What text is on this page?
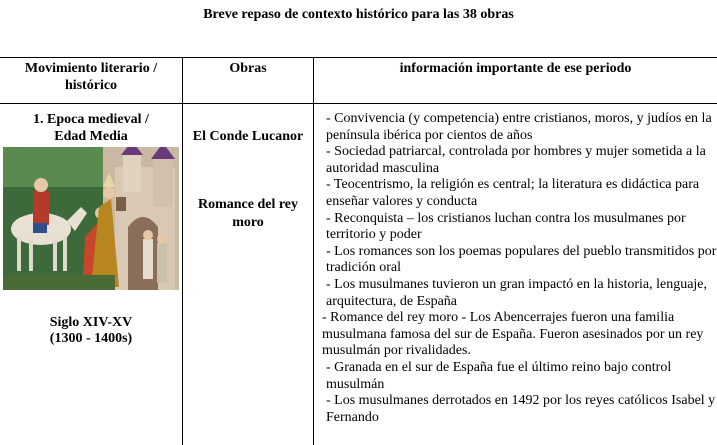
Breve repaso de contexto histórico para las 38 obras
Movimiento literario / histórico
Obras	información importante de ese periodo
1. Epoca medieval /
Edad Media
Siglo XIV-XV
(1300 - 1400s)
El Conde Lucanor
Romance del rey moro
- Convivencia (y competencia) entre cristianos, moros, y judíos en la península ibérica por cientos de años
- Sociedad patriarcal, controlada por hombres y mujer sometida a la autoridad masculina
- Teocentrismo, la religión es central; la literatura es didáctica para enseñar valores y conducta
- Reconquista – los cristianos luchan contra los musulmanes por territorio y poder
- Los romances son los poemas populares del pueblo transmitidos por tradición oral
- Los musulmanes tuvieron un gran impactó en la historia, lenguaje, arquitectura, de España
- Romance del rey moro - Los Abencerrajes fueron una familia musulmana famosa del sur de España. Fueron asesinados por un rey musulmán por rivalidades.
- Granada en el sur de España fue el último reino bajo control musulmán
- Los musulmanes derrotados en 1492 por los reyes católicos Isabel y Fernando
